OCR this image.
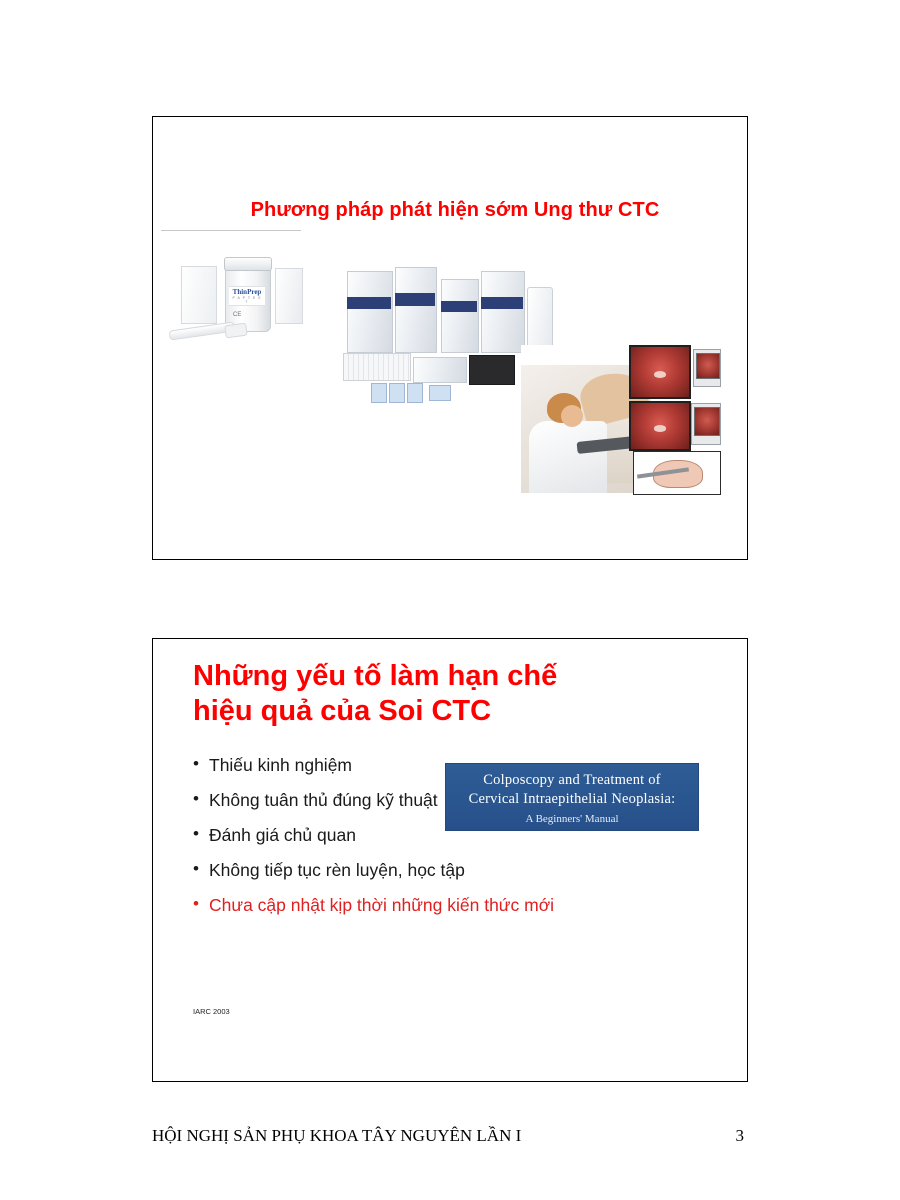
Phương pháp phát hiện sớm Ung thư CTC
ThinPrep
P A P T E S T
CE
Những yếu tố làm hạn chế
hiệu quả của Soi CTC
• Thiếu kinh nghiệm
• Không tuân thủ đúng kỹ thuật
• Đánh giá chủ quan
• Không tiếp tục rèn luyện, học tập
• Chưa cập nhật kịp thời những kiến thức mới
Colposcopy and Treatment of
Cervical Intraepithelial Neoplasia:
A Beginners' Manual
IARC 2003
HỘI NGHỊ SẢN PHỤ KHOA TÂY NGUYÊN LẦN I	3
